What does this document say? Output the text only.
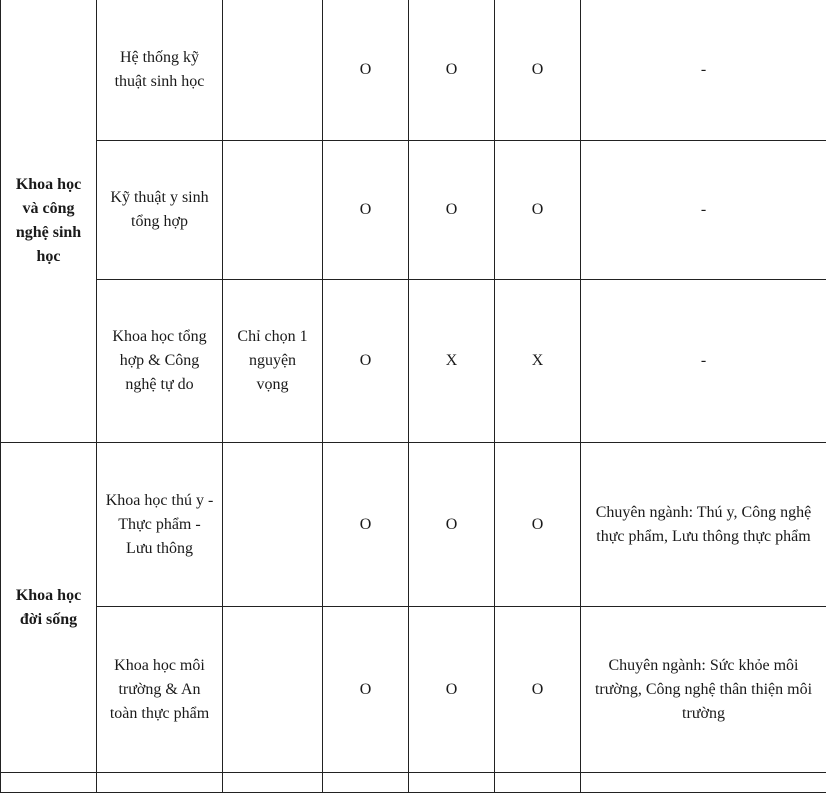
Khoa học và công nghệ sinh học	Hệ thống kỹ thuật sinh học		O	O	O	-
	Kỹ thuật y sinh tổng hợp		O	O	O	-
	Khoa học tổng hợp & Công nghệ tự do	Chỉ chọn 1 nguyện vọng	O	X	X	-
Khoa học đời sống	Khoa học thú y - Thực phẩm - Lưu thông		O	O	O	Chuyên ngành: Thú y, Công nghệ thực phẩm, Lưu thông thực phẩm
	Khoa học môi trường & An toàn thực phẩm		O	O	O	Chuyên ngành: Sức khỏe môi trường, Công nghệ thân thiện môi trường
